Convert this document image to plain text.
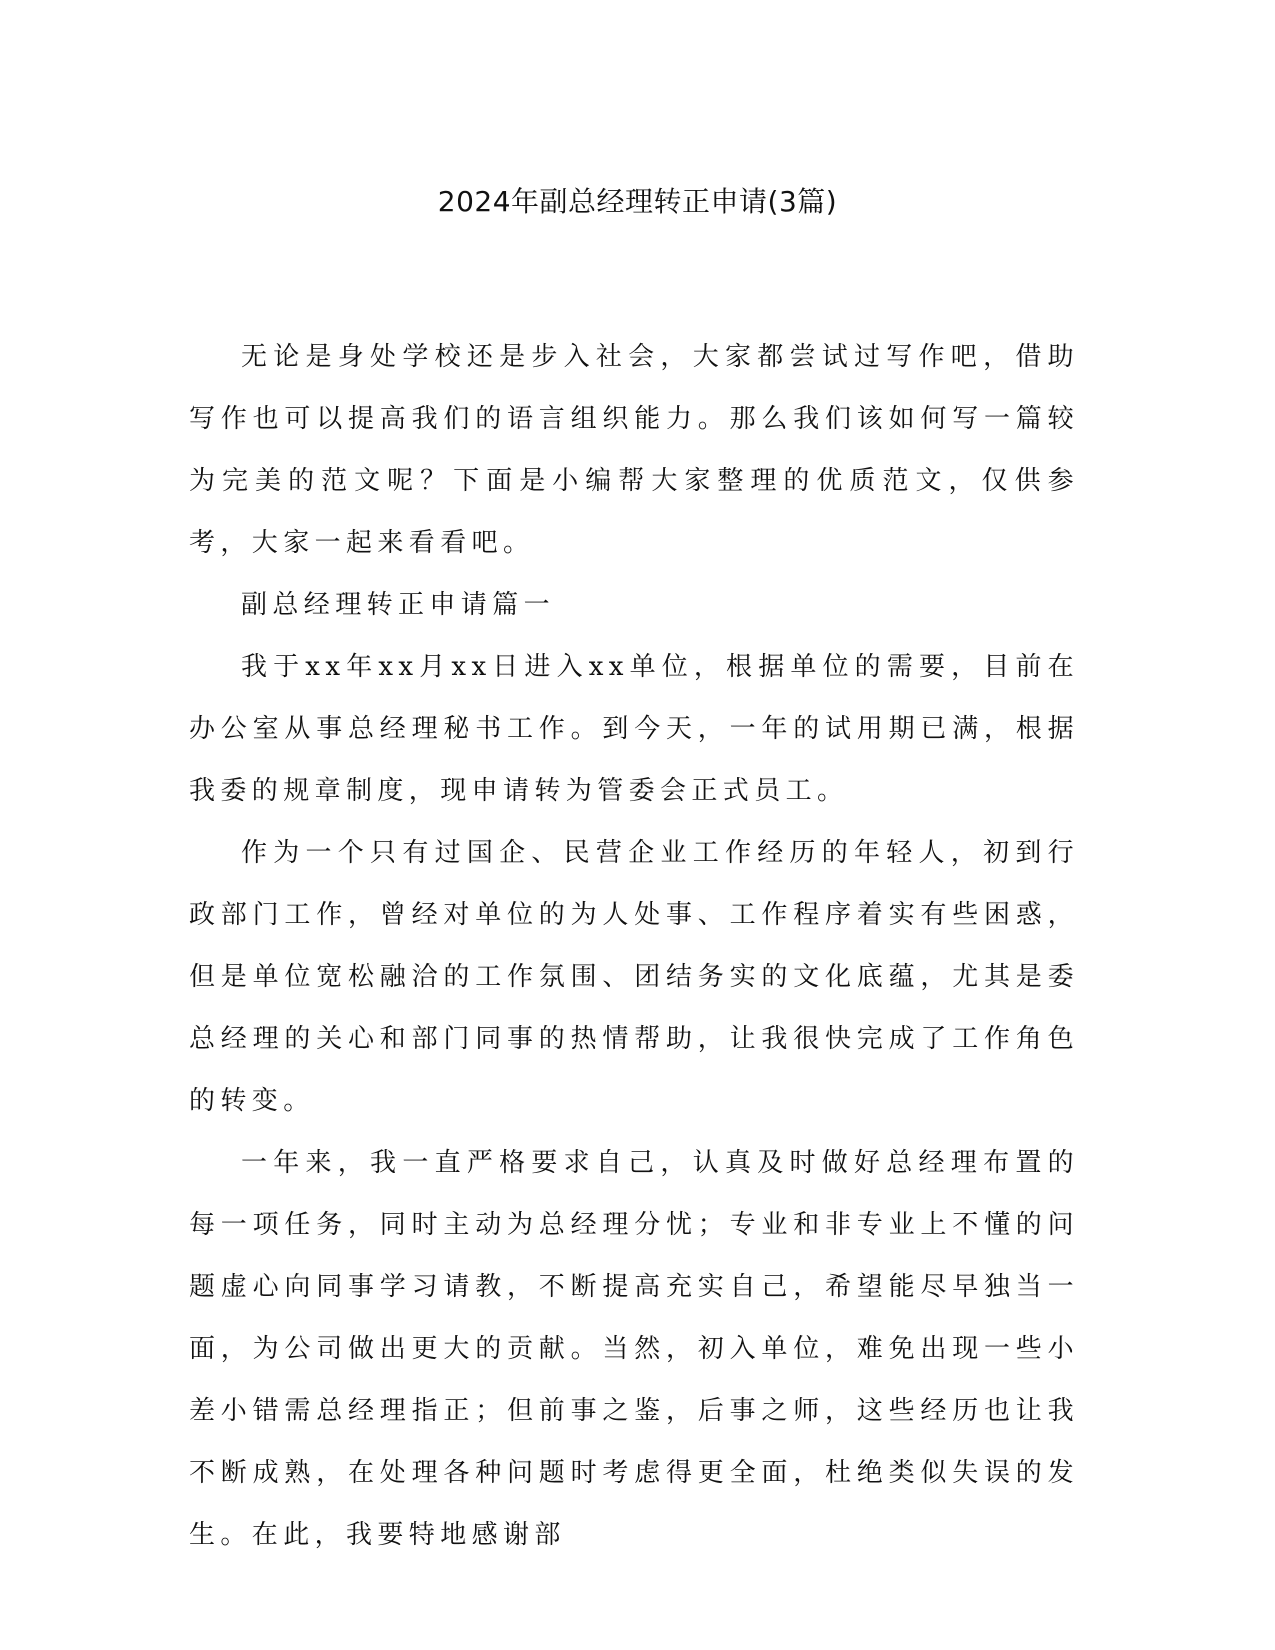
2024年副总经理转正申请(3篇)

无论是身处学校还是步入社会，大家都尝试过写作吧，借助写作也可以提高我们的语言组织能力。那么我们该如何写一篇较为完美的范文呢？下面是小编帮大家整理的优质范文，仅供参考，大家一起来看看吧。

副总经理转正申请篇一

我于xx年xx月xx日进入xx单位，根据单位的需要，目前在办公室从事总经理秘书工作。到今天，一年的试用期已满，根据我委的规章制度，现申请转为管委会正式员工。

作为一个只有过国企、民营企业工作经历的年轻人，初到行政部门工作，曾经对单位的为人处事、工作程序着实有些困惑，但是单位宽松融洽的工作氛围、团结务实的文化底蕴，尤其是委总经理的关心和部门同事的热情帮助，让我很快完成了工作角色的转变。

一年来，我一直严格要求自己，认真及时做好总经理布置的每一项任务，同时主动为总经理分忧；专业和非专业上不懂的问题虚心向同事学习请教，不断提高充实自己，希望能尽早独当一面，为公司做出更大的贡献。当然，初入单位，难免出现一些小差小错需总经理指正；但前事之鉴，后事之师，这些经历也让我不断成熟，在处理各种问题时考虑得更全面，杜绝类似失误的发生。在此，我要特地感谢部
